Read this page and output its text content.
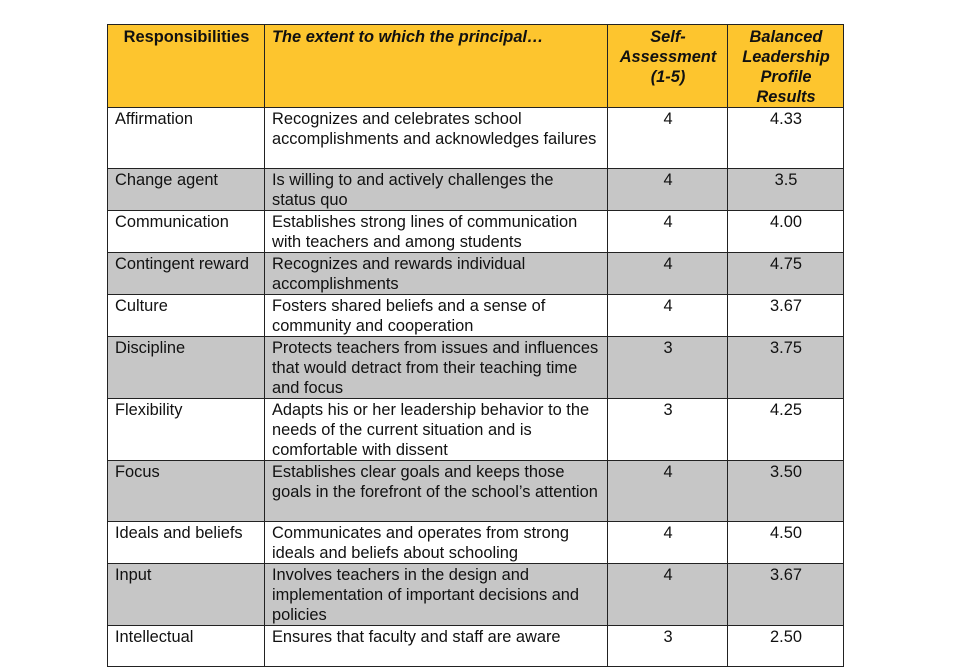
Responsibilities	The extent to which the principal…	Self-Assessment (1-5)	Balanced Leadership Profile Results
Affirmation	Recognizes and celebrates school accomplishments and acknowledges failures	4	4.33
Change agent	Is willing to and actively challenges the status quo	4	3.5
Communication	Establishes strong lines of communication with teachers and among students	4	4.00
Contingent reward	Recognizes and rewards individual accomplishments	4	4.75
Culture	Fosters shared beliefs and a sense of community and cooperation	4	3.67
Discipline	Protects teachers from issues and influences that would detract from their teaching time and focus	3	3.75
Flexibility	Adapts his or her leadership behavior to the needs of the current situation and is comfortable with dissent	3	4.25
Focus	Establishes clear goals and keeps those goals in the forefront of the school’s attention	4	3.50
Ideals and beliefs	Communicates and operates from strong ideals and beliefs about schooling	4	4.50
Input	Involves teachers in the design and implementation of important decisions and policies	4	3.67
Intellectual	Ensures that faculty and staff are aware	3	2.50
